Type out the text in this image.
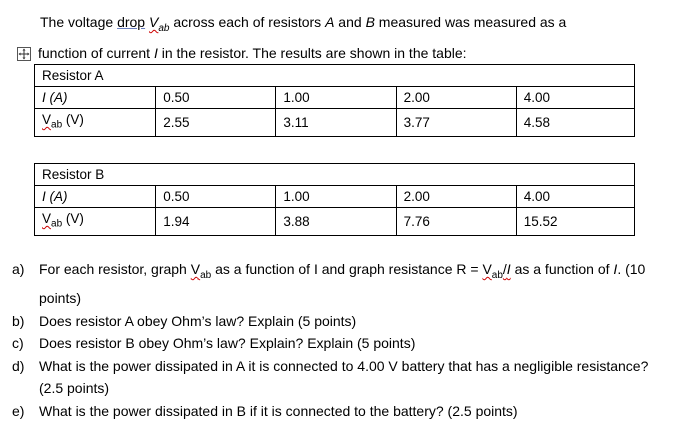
The voltage drop $V_{ab}$ across each of resistors A and B measured was measured as a
function of current I in the resistor. The results are shown in the table:
Resistor A				
I (A)	0.50	1.00	2.00	4.00
$V_{ab}$ (V)	2.55	3.11	3.77	4.58
Resistor B				
I (A)	0.50	1.00	2.00	4.00
$V_{ab}$ (V)	1.94	3.88	7.76	15.52
a) For each resistor, graph $V_{ab}$ as a function of I and graph resistance $R = V_{ab}/I$ as a function of I. (10 points)
b) Does resistor A obey Ohm’s law? Explain (5 points)
c) Does resistor B obey Ohm’s law? Explain? Explain (5 points)
d) What is the power dissipated in A it is connected to 4.00 V battery that has a negligible resistance? (2.5 points)
e) What is the power dissipated in B if it is connected to the battery? (2.5 points)
